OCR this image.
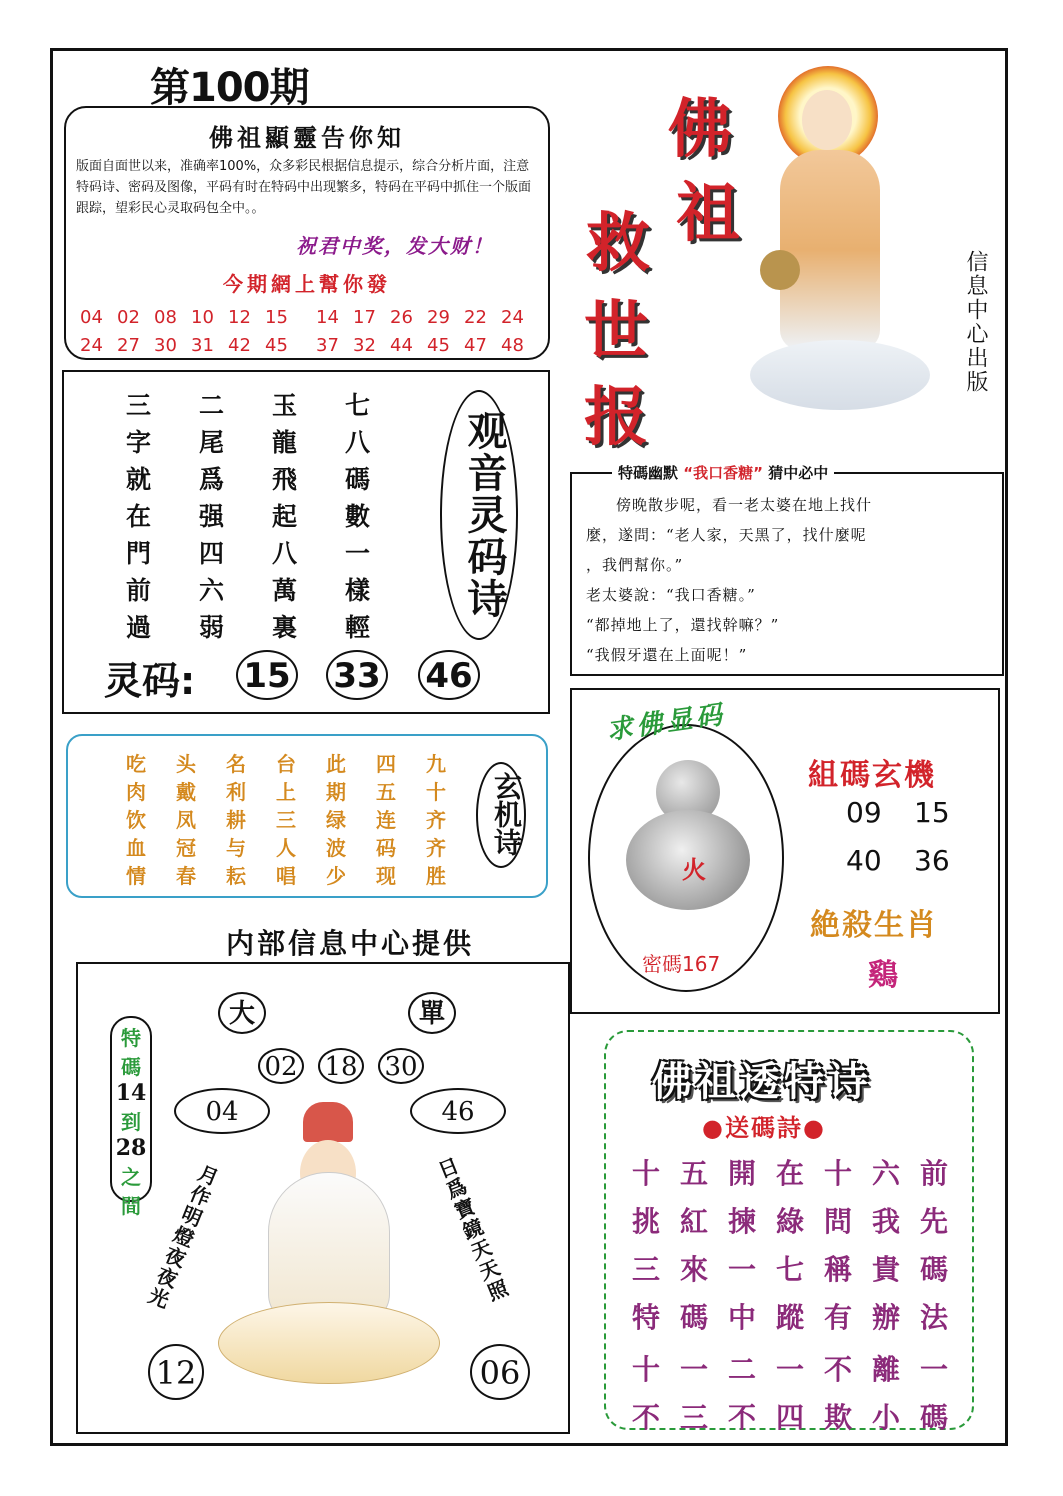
第100期
佛祖顯靈告你知
版面自面世以来，准确率100%，众多彩民根据信息提示，综合分析片面，注意特码诗、密码及图像，平码有时在特码中出现繁多，特码在平码中抓住一个版面跟踪，望彩民心灵取码包全中。。
祝君中奖，发大财！
今期網上幫你發
04 02 08 10 12 15 14 17 26 29 22 24
24 27 30 31 42 45 37 32 44 45 47 48
佛
祖
救
世
报
信息中心出版
三 二 玉 七
字 尾 龍 八
就 爲 飛 碼
在 强 起 數
門 四 八 一
前 六 萬 樣
過 弱 裏 輕
观音灵码诗
灵码: 15 33 46
吃 头 名 台 此 四 九
肉 戴 利 上 期 五 十
饮 凤 耕 三 绿 连 齐
血 冠 与 人 波 码 齐
情 春 耘 唱 少 现 胜
玄机诗
内部信息中心提供
大	單
02 18 30
04	46
特
碼
14
到
28
之
間 月作明燈夜夜光	日爲寶鏡天天照
12	06
特碼幽默 “我口香糖” 猜中必中
傍晚散步呢，看一老太婆在地上找什
麼，遂問：“老人家，天黑了，找什麼呢
，我們幫你。”
老太婆說：“我口香糖。”
“都掉地上了，還找幹嘛？”
“我假牙還在上面呢！”
求佛显码
火
密碼167
組碼玄機
09 15
40 36
絶殺生肖
鷄
佛祖透特诗
●送碼詩●
十 五 開 在 十 六 前
挑 紅 揀 綠 問 我 先
三 來 一 七 稱 貴 碼
特 碼 中 蹤 有 辦 法
十 一 二 一 不 離 一
不 三 不 四 欺 小 碼
